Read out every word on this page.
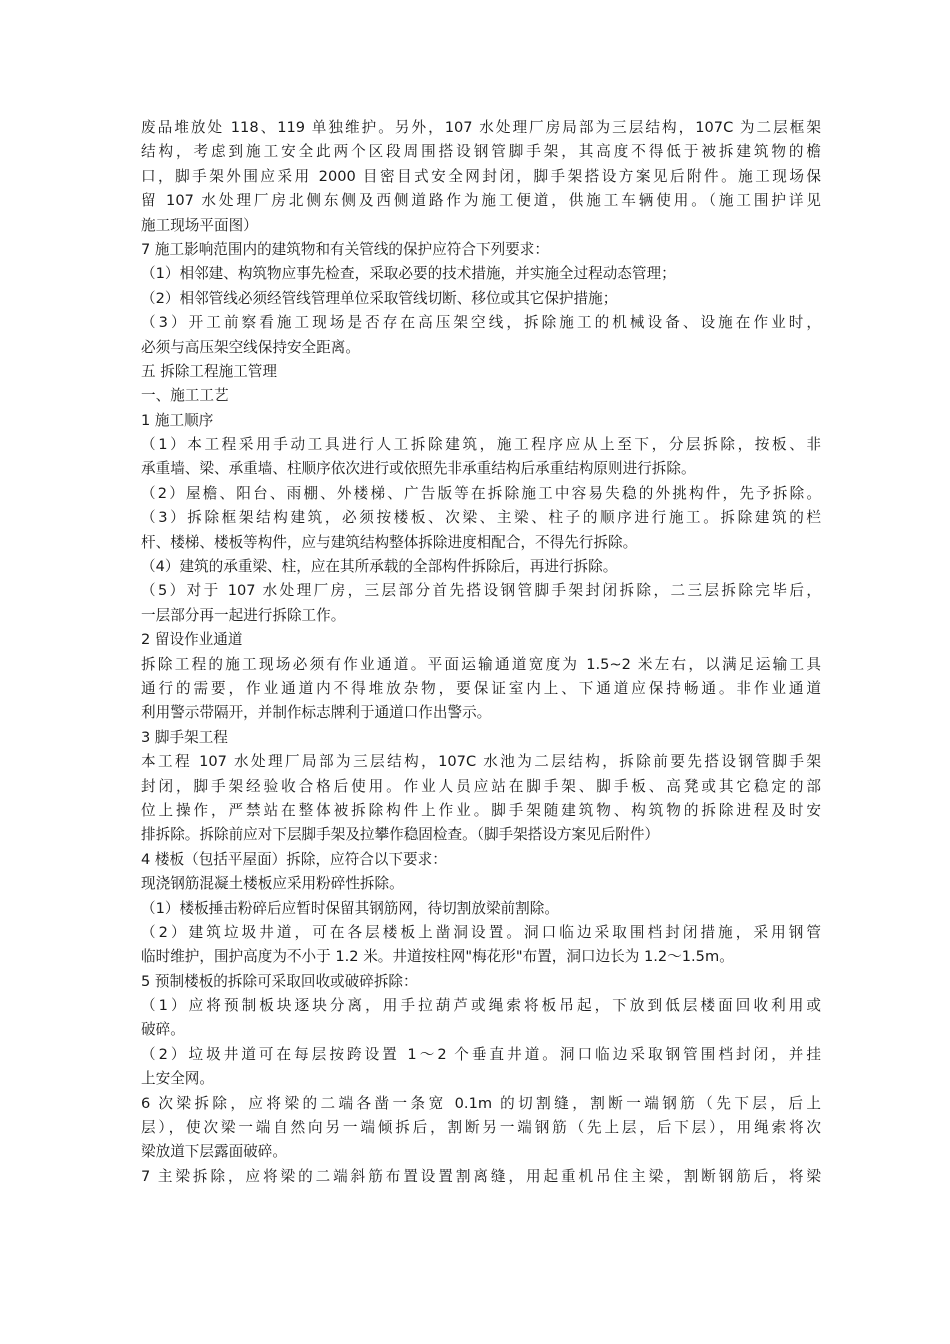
废品堆放处 118、119 单独维护。另外，107 水处理厂房局部为三层结构，107C 为二层框架
结构，考虑到施工安全此两个区段周围搭设钢管脚手架，其高度不得低于被拆建筑物的檐
口，脚手架外围应采用 2000 目密目式安全网封闭，脚手架搭设方案见后附件。施工现场保
留 107 水处理厂房北侧东侧及西侧道路作为施工便道，供施工车辆使用。（施工围护详见
施工现场平面图）
7 施工影响范围内的建筑物和有关管线的保护应符合下列要求：
（1）相邻建、构筑物应事先检查，采取必要的技术措施，并实施全过程动态管理；
（2）相邻管线必须经管线管理单位采取管线切断、移位或其它保护措施；
（3）开工前察看施工现场是否存在高压架空线，拆除施工的机械设备、设施在作业时，
必须与高压架空线保持安全距离。
五 拆除工程施工管理
一、施工工艺
1 施工顺序
（1）本工程采用手动工具进行人工拆除建筑，施工程序应从上至下，分层拆除，按板、非
承重墙、梁、承重墙、柱顺序依次进行或依照先非承重结构后承重结构原则进行拆除。
（2）屋檐、阳台、雨棚、外楼梯、广告版等在拆除施工中容易失稳的外挑构件，先予拆除。
（3）拆除框架结构建筑，必须按楼板、次梁、主梁、柱子的顺序进行施工。拆除建筑的栏
杆、楼梯、楼板等构件，应与建筑结构整体拆除进度相配合，不得先行拆除。
（4）建筑的承重梁、柱，应在其所承载的全部构件拆除后，再进行拆除。
（5）对于 107 水处理厂房，三层部分首先搭设钢管脚手架封闭拆除，二三层拆除完毕后，
一层部分再一起进行拆除工作。
2 留设作业通道
拆除工程的施工现场必须有作业通道。平面运输通道宽度为 1.5~2 米左右，以满足运输工具
通行的需要，作业通道内不得堆放杂物，要保证室内上、下通道应保持畅通。非作业通道
利用警示带隔开，并制作标志牌利于通道口作出警示。
3 脚手架工程
本工程 107 水处理厂局部为三层结构，107C 水池为二层结构，拆除前要先搭设钢管脚手架
封闭，脚手架经验收合格后使用。作业人员应站在脚手架、脚手板、高凳或其它稳定的部
位上操作，严禁站在整体被拆除构件上作业。脚手架随建筑物、构筑物的拆除进程及时安
排拆除。拆除前应对下层脚手架及拉攀作稳固检查。（脚手架搭设方案见后附件）
4 楼板（包括平屋面）拆除，应符合以下要求：
现浇钢筋混凝土楼板应采用粉碎性拆除。
（1）楼板捶击粉碎后应暂时保留其钢筋网，待切割放梁前割除。
（2）建筑垃圾井道，可在各层楼板上凿洞设置。洞口临边采取围档封闭措施，采用钢管
临时维护，围护高度为不小于 1.2 米。井道按柱网"梅花形"布置，洞口边长为 1.2～1.5m。
5 预制楼板的拆除可采取回收或破碎拆除：
（1）应将预制板块逐块分离，用手拉葫芦或绳索将板吊起，下放到低层楼面回收利用或
破碎。
（2）垃圾井道可在每层按跨设置 1～2 个垂直井道。洞口临边采取钢管围档封闭，并挂
上安全网。
6 次梁拆除，应将梁的二端各凿一条宽 0.1m 的切割缝，割断一端钢筋（先下层，后上
层），使次梁一端自然向另一端倾拆后，割断另一端钢筋（先上层，后下层），用绳索将次
梁放道下层露面破碎。
7 主梁拆除，应将梁的二端斜筋布置设置割离缝，用起重机吊住主梁，割断钢筋后，将梁
